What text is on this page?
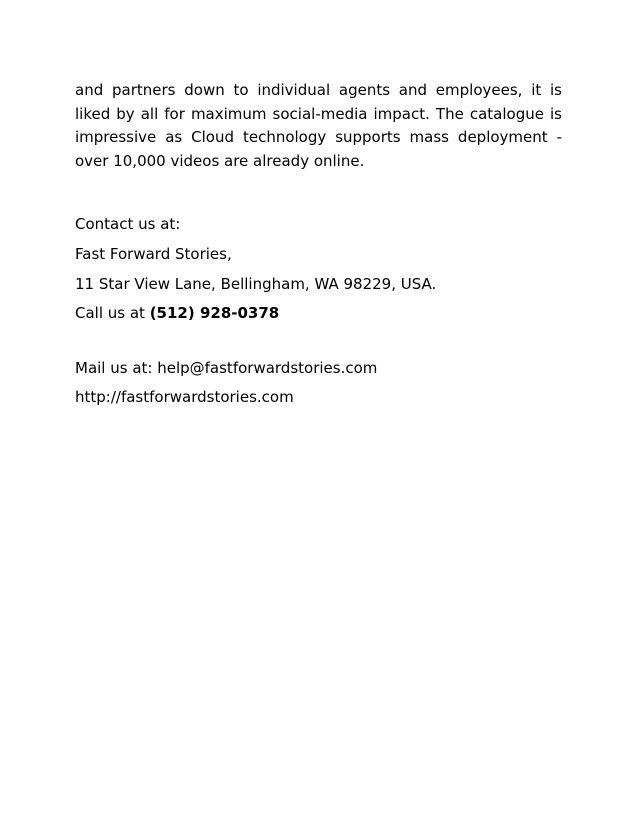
and partners down to individual agents and employees, it is liked by all for maximum social-media impact. The catalogue is impressive as Cloud technology supports mass deployment - over 10,000 videos are already online.

Contact us at:

Fast Forward Stories,

11 Star View Lane, Bellingham, WA 98229, USA.

Call us at (512) 928-0378

Mail us at: help@fastforwardstories.com

http://fastforwardstories.com
